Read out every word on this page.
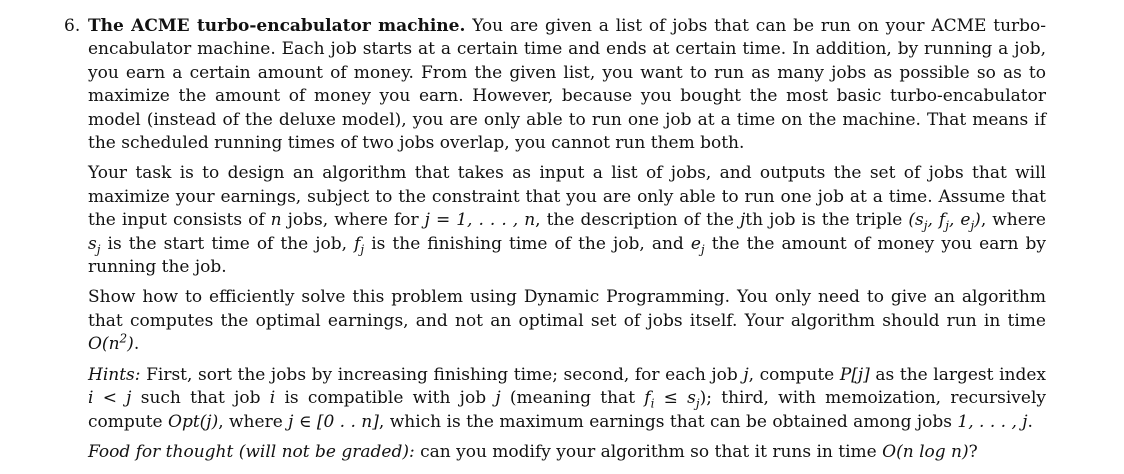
6. The ACME turbo-encabulator machine. You are given a list of jobs that can be run on your ACME turbo-encabulator machine. Each job starts at a certain time and ends at certain time. In addition, by running a job, you earn a certain amount of money. From the given list, you want to run as many jobs as possible so as to maximize the amount of money you earn. However, because you bought the most basic turbo-encabulator model (instead of the deluxe model), you are only able to run one job at a time on the machine. That means if the scheduled running times of two jobs overlap, you cannot run them both.

Your task is to design an algorithm that takes as input a list of jobs, and outputs the set of jobs that will maximize your earnings, subject to the constraint that you are only able to run one job at a time. Assume that the input consists of n jobs, where for j = 1, . . . , n, the description of the jth job is the triple ($s_j$, $f_j$, $e_j$), where $s_j$ is the start time of the job, $f_j$ is the finishing time of the job, and $e_j$ the the amount of money you earn by running the job.

Show how to efficiently solve this problem using Dynamic Programming. You only need to give an algorithm that computes the optimal earnings, and not an optimal set of jobs itself. Your algorithm should run in time $O(n^2)$.

Hints: First, sort the jobs by increasing finishing time; second, for each job j, compute P[j] as the largest index i < j such that job i is compatible with job j (meaning that $f_i \le s_j$); third, with memoization, recursively compute Opt(j), where j ∈ [0 . . n], which is the maximum earnings that can be obtained among jobs 1, . . . , j.

Food for thought (will not be graded): can you modify your algorithm so that it runs in time O(n log n)?
